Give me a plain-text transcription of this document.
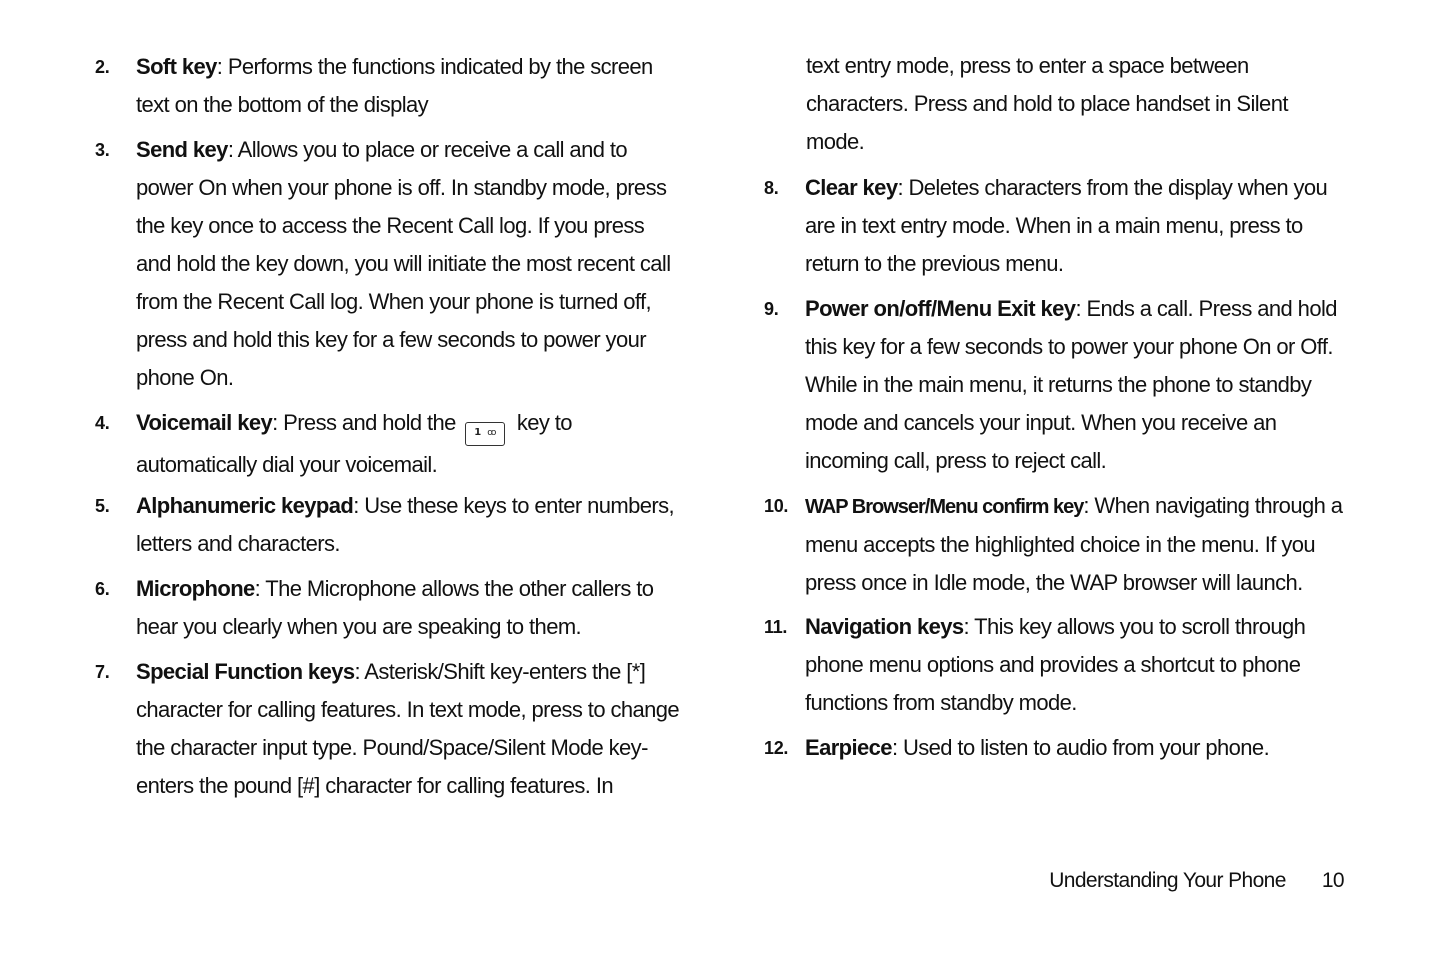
2. Soft key: Performs the functions indicated by the screen text on the bottom of the display
3. Send key: Allows you to place or receive a call and to power On when your phone is off. In standby mode, press the key once to access the Recent Call log. If you press and hold the key down, you will initiate the most recent call from the Recent Call log. When your phone is turned off, press and hold this key for a few seconds to power your phone On.
4. Voicemail key: Press and hold the 1 ꝏ key to automatically dial your voicemail.
5. Alphanumeric keypad: Use these keys to enter numbers, letters and characters.
6. Microphone: The Microphone allows the other callers to hear you clearly when you are speaking to them.
7. Special Function keys: Asterisk/Shift key-enters the [*] character for calling features. In text mode, press to change the character input type. Pound/Space/Silent Mode key-enters the pound [#] character for calling features. In
text entry mode, press to enter a space between characters. Press and hold to place handset in Silent mode.
8. Clear key: Deletes characters from the display when you are in text entry mode. When in a main menu, press to return to the previous menu.
9. Power on/off/Menu Exit key: Ends a call. Press and hold this key for a few seconds to power your phone On or Off. While in the main menu, it returns the phone to standby mode and cancels your input. When you receive an incoming call, press to reject call.
10. WAP Browser/Menu confirm key: When navigating through a menu accepts the highlighted choice in the menu. If you press once in Idle mode, the WAP browser will launch.
11. Navigation keys: This key allows you to scroll through phone menu options and provides a shortcut to phone functions from standby mode.
12. Earpiece: Used to listen to audio from your phone.
Understanding Your Phone 10
